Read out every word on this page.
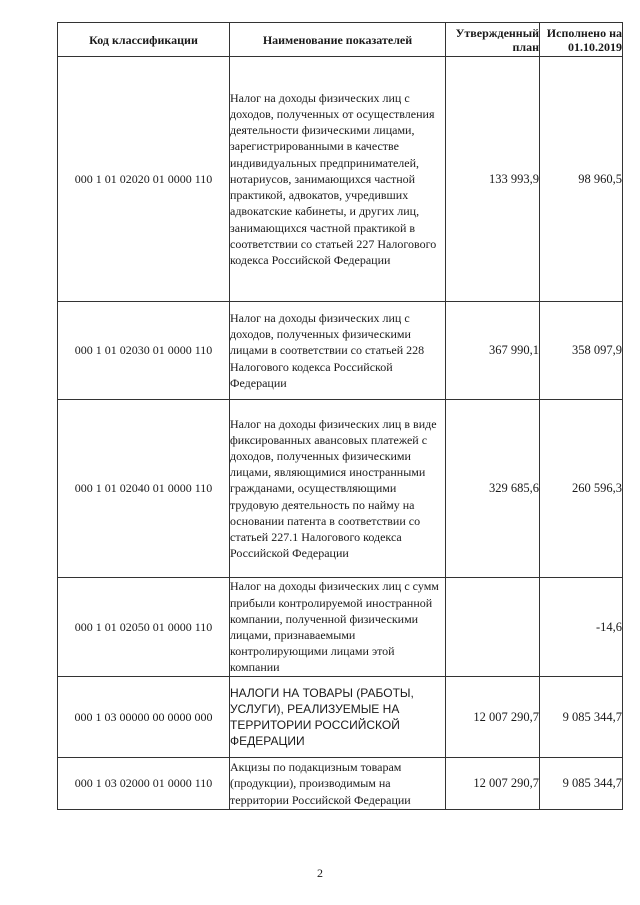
Код классификации	Наименование показателей	Утвержденный план	Исполнено на 01.10.2019
000 1 01 02020 01 0000 110	Налог на доходы физических лиц с доходов, полученных от осуществления деятельности физическими лицами, зарегистрированными в качестве индивидуальных предпринимателей, нотариусов, занимающихся частной практикой, адвокатов, учредивших адвокатские кабинеты, и других лиц, занимающихся частной практикой в соответствии со статьей 227 Налогового кодекса Российской Федерации	133 993,9	98 960,5
000 1 01 02030 01 0000 110	Налог на доходы физических лиц с доходов, полученных физическими лицами в соответствии со статьей 228 Налогового кодекса Российской Федерации	367 990,1	358 097,9
000 1 01 02040 01 0000 110	Налог на доходы физических лиц в виде фиксированных авансовых платежей с доходов, полученных физическими лицами, являющимися иностранными гражданами, осуществляющими трудовую деятельность по найму на основании патента в соответствии со статьей 227.1 Налогового кодекса Российской Федерации	329 685,6	260 596,3
000 1 01 02050 01 0000 110	Налог на доходы физических лиц с сумм прибыли контролируемой иностранной компании, полученной физическими лицами, признаваемыми контролирующими лицами этой компании		-14,6
000 1 03 00000 00 0000 000	НАЛОГИ НА ТОВАРЫ (РАБОТЫ, УСЛУГИ), РЕАЛИЗУЕМЫЕ НА ТЕРРИТОРИИ РОССИЙСКОЙ ФЕДЕРАЦИИ	12 007 290,7	9 085 344,7
000 1 03 02000 01 0000 110	Акцизы по подакцизным товарам (продукции), производимым на территории Российской Федерации	12 007 290,7	9 085 344,7
2
